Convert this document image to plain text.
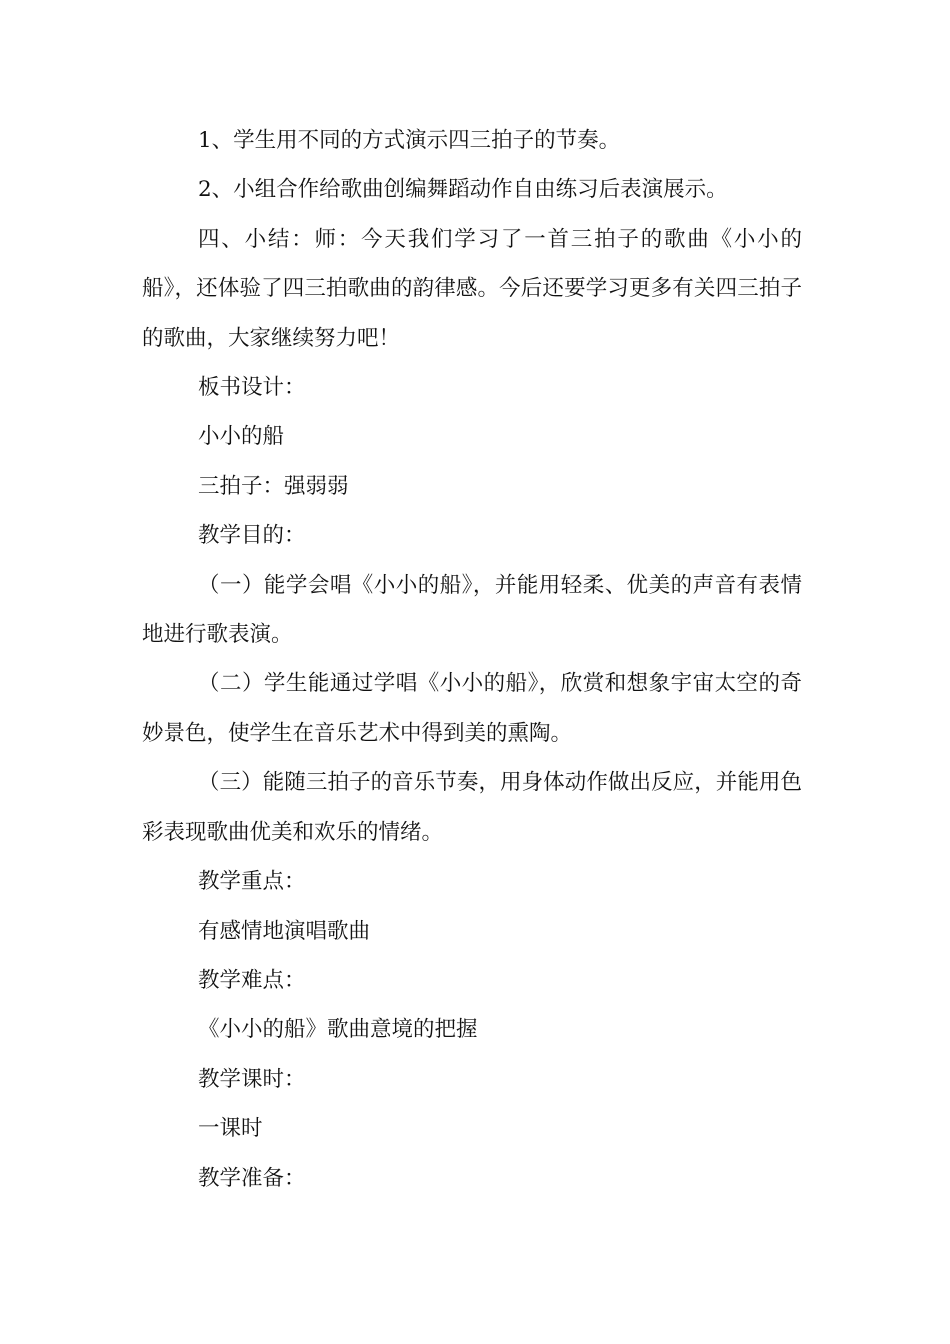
1、学生用不同的方式演示四三拍子的节奏。

2、小组合作给歌曲创编舞蹈动作自由练习后表演展示。

四、小结：师：今天我们学习了一首三拍子的歌曲《小小的船》，还体验了四三拍歌曲的韵律感。今后还要学习更多有关四三拍子的歌曲，大家继续努力吧！

板书设计：

小小的船

三拍子：强弱弱

教学目的：

（一）能学会唱《小小的船》，并能用轻柔、优美的声音有表情地进行歌表演。

（二）学生能通过学唱《小小的船》，欣赏和想象宇宙太空的奇妙景色，使学生在音乐艺术中得到美的熏陶。

（三）能随三拍子的音乐节奏，用身体动作做出反应，并能用色彩表现歌曲优美和欢乐的情绪。

教学重点：

有感情地演唱歌曲

教学难点：

《小小的船》歌曲意境的把握

教学课时：

一课时

教学准备：
